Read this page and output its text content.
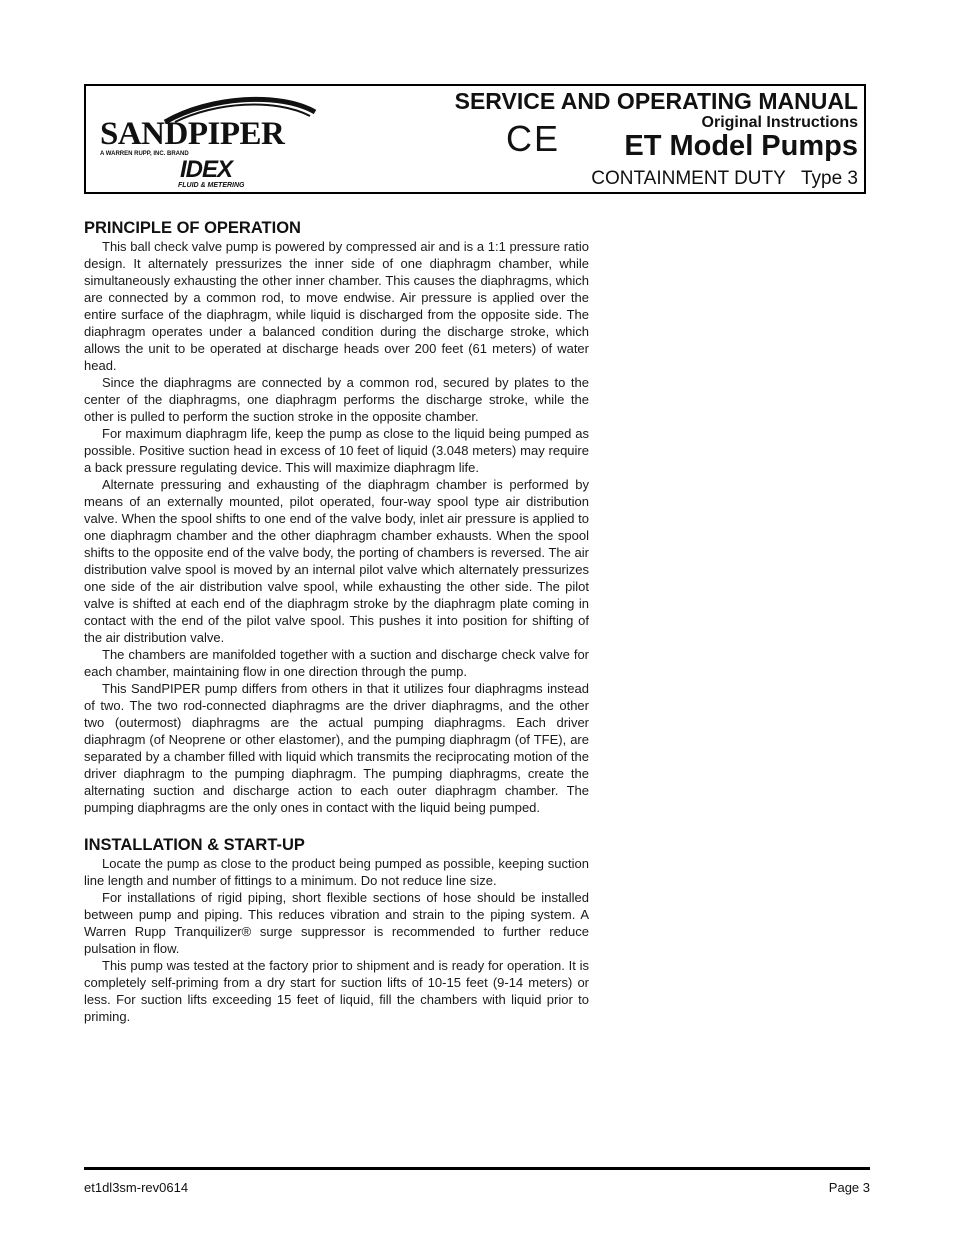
SANDPIPER
A WARREN RUPP, INC. BRAND
IDEX
FLUID & METERING
SERVICE AND OPERATING MANUAL
Original Instructions
CE ET Model Pumps
CONTAINMENT DUTY   Type 3
PRINCIPLE OF OPERATION

This ball check valve pump is powered by compressed air and is a 1:1 pressure ratio design. It alternately pressurizes the inner side of one diaphragm chamber, while simultaneously exhausting the other inner chamber. This causes the diaphragms, which are connected by a common rod, to move endwise. Air pressure is applied over the entire surface of the diaphragm, while liquid is discharged from the opposite side. The diaphragm operates under a balanced condition during the discharge stroke, which allows the unit to be operated at discharge heads over 200 feet (61 meters) of water head.

Since the diaphragms are connected by a common rod, secured by plates to the center of the diaphragms, one diaphragm performs the discharge stroke, while the other is pulled to perform the suction stroke in the opposite chamber.

For maximum diaphragm life, keep the pump as close to the liquid being pumped as possible. Positive suction head in excess of 10 feet of liquid (3.048 meters) may require a back pressure regulating device. This will maximize diaphragm life.

Alternate pressuring and exhausting of the diaphragm chamber is performed by means of an externally mounted, pilot operated, four-way spool type air distribution valve. When the spool shifts to one end of the valve body, inlet air pressure is applied to one diaphragm chamber and the other diaphragm chamber exhausts. When the spool shifts to the opposite end of the valve body, the porting of chambers is reversed. The air distribution valve spool is moved by an internal pilot valve which alternately pressurizes one side of the air distribution valve spool, while exhausting the other side. The pilot valve is shifted at each end of the diaphragm stroke by the diaphragm plate coming in contact with the end of the pilot valve spool. This pushes it into position for shifting of the air distribution valve.

The chambers are manifolded together with a suction and discharge check valve for each chamber, maintaining flow in one direction through the pump.

This SandPIPER pump differs from others in that it utilizes four diaphragms instead of two. The two rod-connected diaphragms are the driver diaphragms, and the other two (outermost) diaphragms are the actual pumping diaphragms. Each driver diaphragm (of Neoprene or other elastomer), and the pumping diaphragm (of TFE), are separated by a chamber filled with liquid which transmits the reciprocating motion of the driver diaphragm to the pumping diaphragm. The pumping diaphragms, create the alternating suction and discharge action to each outer diaphragm chamber. The pumping diaphragms are the only ones in contact with the liquid being pumped.

INSTALLATION & START-UP

Locate the pump as close to the product being pumped as possible, keeping suction line length and number of fittings to a minimum. Do not reduce line size.

For installations of rigid piping, short flexible sections of hose should be installed between pump and piping. This reduces vibration and strain to the piping system. A Warren Rupp Tranquilizer® surge suppressor is recommended to further reduce pulsation in flow.

This pump was tested at the factory prior to shipment and is ready for operation. It is completely self-priming from a dry start for suction lifts of 10-15 feet (9-14 meters) or less. For suction lifts exceeding 15 feet of liquid, fill the chambers with liquid prior to priming.

et1dl3sm-rev0614	Page 3
